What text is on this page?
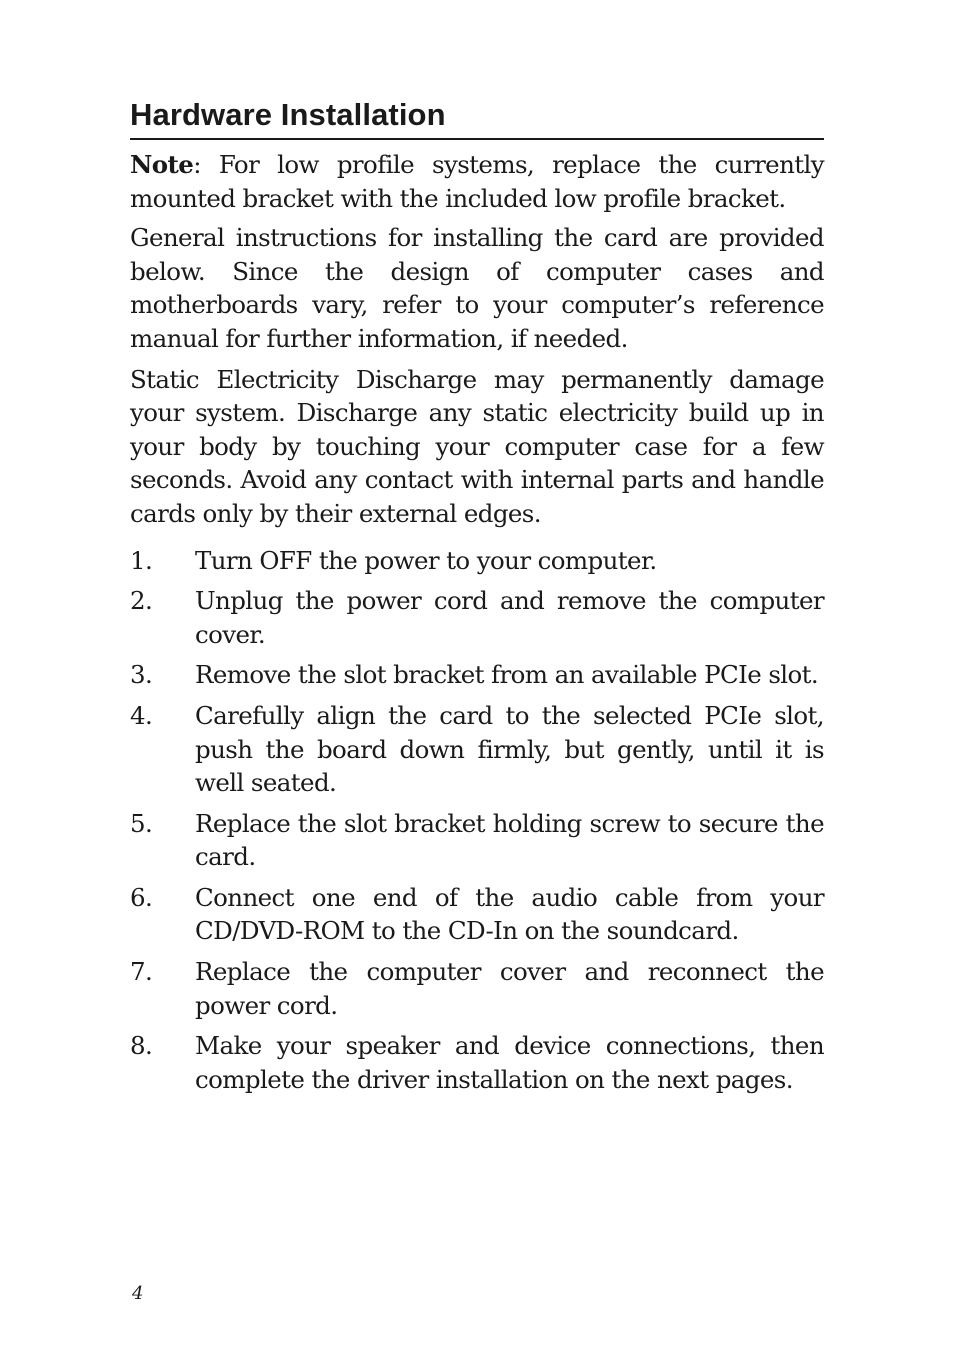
Hardware Installation

Note: For low profile systems, replace the currently mounted bracket with the included low profile bracket.

General instructions for installing the card are provided below. Since the design of computer cases and motherboards vary, refer to your computer’s reference manual for further information, if needed.

Static Electricity Discharge may permanently damage your system. Discharge any static electricity build up in your body by touching your computer case for a few seconds. Avoid any contact with internal parts and handle cards only by their external edges.

1.	Turn OFF the power to your computer.
2.	Unplug the power cord and remove the computer cover.
3.	Remove the slot bracket from an available PCIe slot.
4.	Carefully align the card to the selected PCIe slot, push the board down firmly, but gently, until it is well seated.
5.	Replace the slot bracket holding screw to secure the card.
6.	Connect one end of the audio cable from your CD/DVD-ROM to the CD-In on the soundcard.
7.	Replace the computer cover and reconnect the power cord.
8.	Make your speaker and device connections, then complete the driver installation on the next pages.
4
